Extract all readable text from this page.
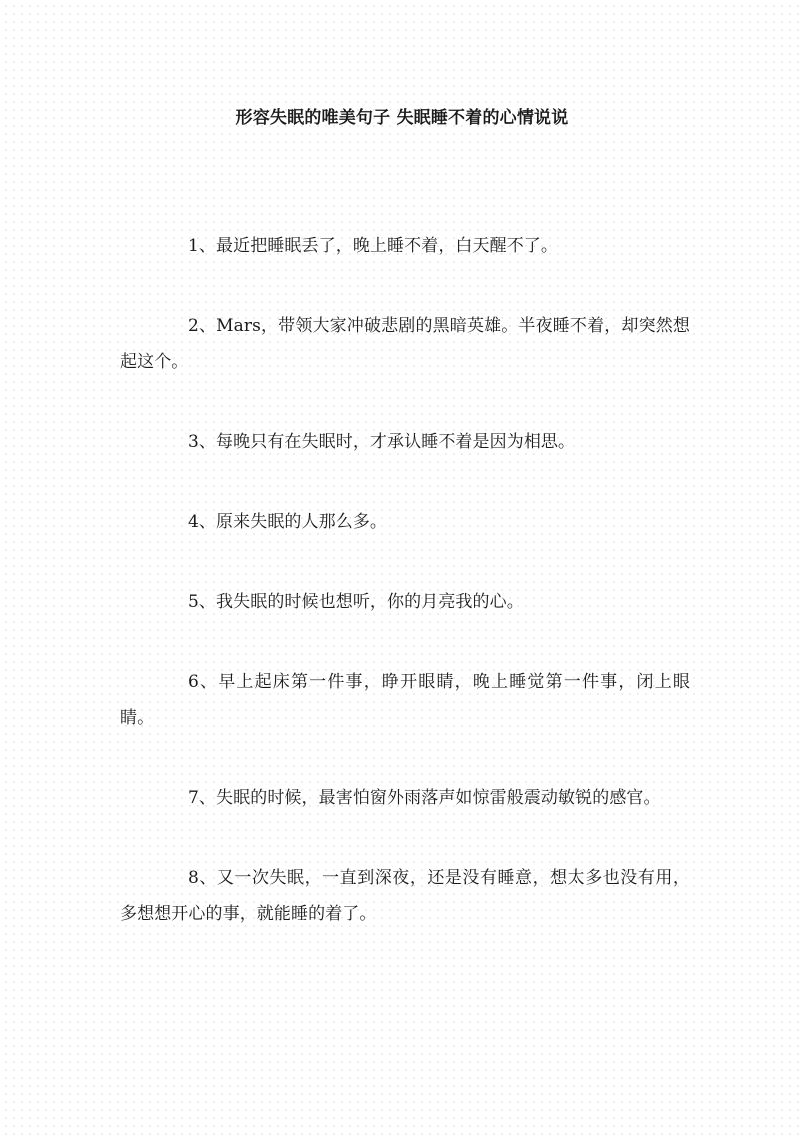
形容失眠的唯美句子 失眠睡不着的心情说说

1、最近把睡眠丢了，晚上睡不着，白天醒不了。

2、Mars，带领大家冲破悲剧的黑暗英雄。半夜睡不着，却突然想起这个。

3、每晚只有在失眠时，才承认睡不着是因为相思。

4、原来失眠的人那么多。

5、我失眠的时候也想听，你的月亮我的心。

6、早上起床第一件事，睁开眼睛，晚上睡觉第一件事，闭上眼睛。

7、失眠的时候，最害怕窗外雨落声如惊雷般震动敏锐的感官。

8、又一次失眠，一直到深夜，还是没有睡意，想太多也没有用，多想想开心的事，就能睡的着了。
